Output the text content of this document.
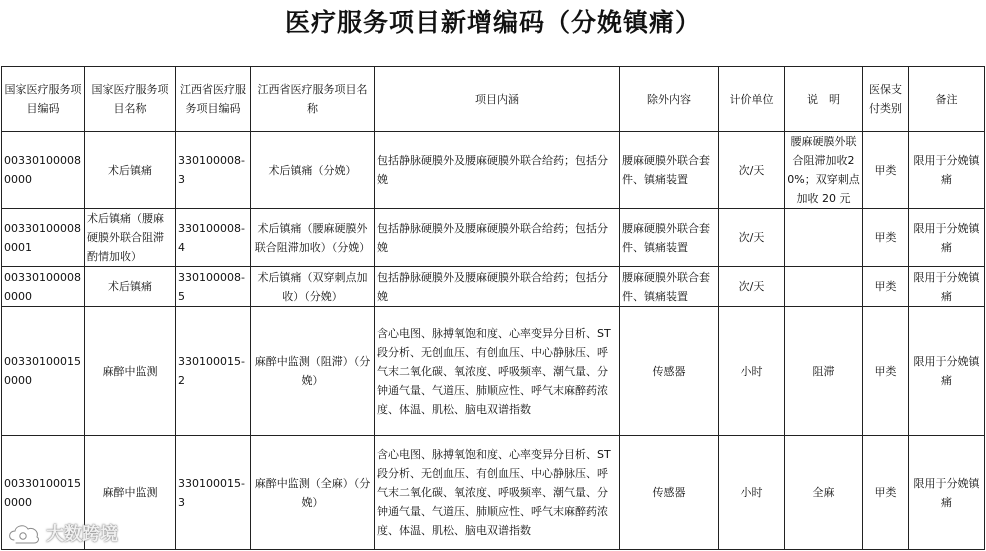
医疗服务项目新增编码（分娩镇痛）
国家医疗服务项目编码	国家医疗服务项目名称	江西省医疗服务项目编码	江西省医疗服务项目名称	项目内涵	除外内容	计价单位	说　明	医保支付类别	备注
003301000080000	术后镇痛	330100008-3	术后镇痛（分娩）	包括静脉硬膜外及腰麻硬膜外联合给药；包括分娩	腰麻硬膜外联合套件、镇痛装置	次/天	腰麻硬膜外联合阻滞加收20%；双穿刺点加收 20 元	甲类	限用于分娩镇痛
003301000080001	术后镇痛（腰麻硬膜外联合阻滞酌情加收）	330100008-4	术后镇痛（腰麻硬膜外联合阻滞加收）（分娩）	包括静脉硬膜外及腰麻硬膜外联合给药；包括分娩	腰麻硬膜外联合套件、镇痛装置	次/天		甲类	限用于分娩镇痛
003301000080000	术后镇痛	330100008-5	术后镇痛（双穿刺点加收）（分娩）	包括静脉硬膜外及腰麻硬膜外联合给药；包括分娩	腰麻硬膜外联合套件、镇痛装置	次/天		甲类	限用于分娩镇痛
003301000150000	麻醉中监测	330100015-2	麻醉中监测（阻滞）（分娩）	含心电图、脉搏氧饱和度、心率变异分目析、ST 段分析、无创血压、有创血压、中心静脉压、呼气末二氧化碳、氧浓度、呼吸频率、潮气量、分钟通气量、气道压、肺顺应性、呼气末麻醉药浓度、体温、肌松、脑电双谱指数	传感器	小时	阻滞	甲类	限用于分娩镇痛
003301000150000	麻醉中监测	330100015-3	麻醉中监测（全麻）（分娩）	含心电图、脉搏氧饱和度、心率变异分目析、ST 段分析、无创血压、有创血压、中心静脉压、呼气末二氧化碳、氧浓度、呼吸频率、潮气量、分钟通气量、气道压、肺顺应性、呼气末麻醉药浓度、体温、肌松、脑电双谱指数	传感器	小时	全麻	甲类	限用于分娩镇痛
大数跨境
